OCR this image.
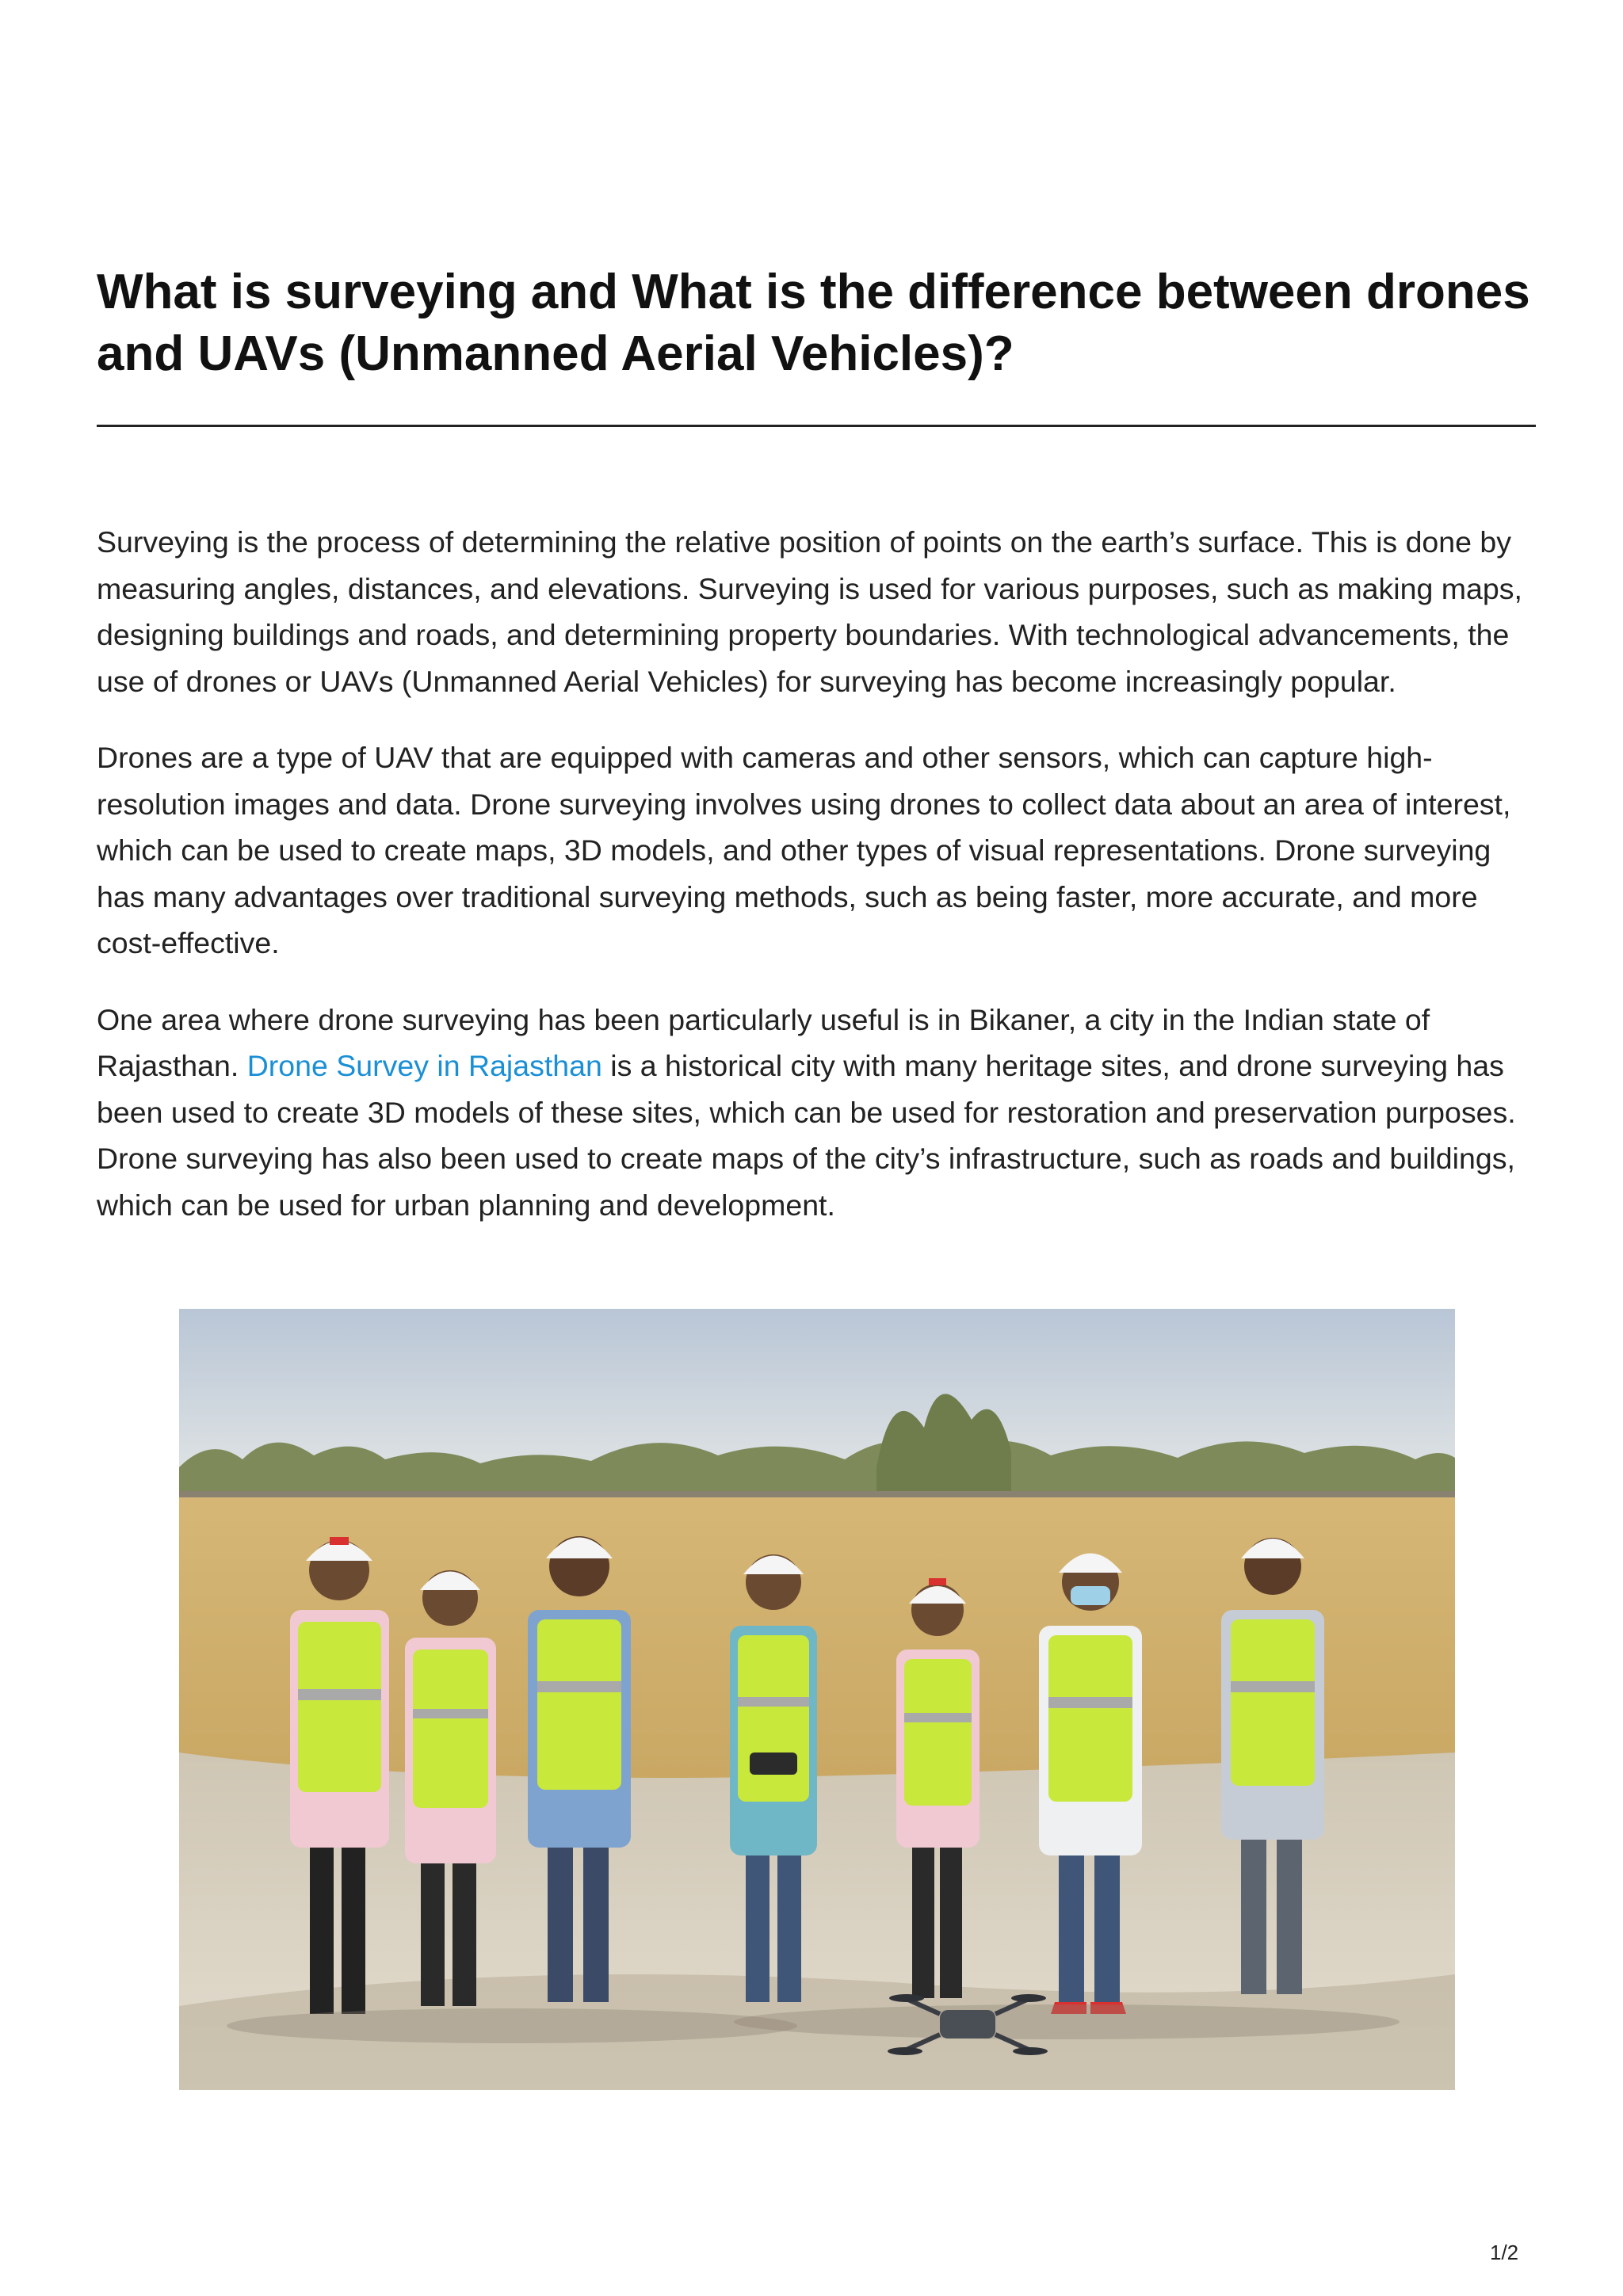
What is surveying and What is the difference between drones and UAVs (Unmanned Aerial Vehicles)?

Surveying is the process of determining the relative position of points on the earth’s surface. This is done by measuring angles, distances, and elevations. Surveying is used for various purposes, such as making maps, designing buildings and roads, and determining property boundaries. With technological advancements, the use of drones or UAVs (Unmanned Aerial Vehicles) for surveying has become increasingly popular.

Drones are a type of UAV that are equipped with cameras and other sensors, which can capture high-resolution images and data. Drone surveying involves using drones to collect data about an area of interest, which can be used to create maps, 3D models, and other types of visual representations. Drone surveying has many advantages over traditional surveying methods, such as being faster, more accurate, and more cost-effective.

One area where drone surveying has been particularly useful is in Bikaner, a city in the Indian state of Rajasthan. Drone Survey in Rajasthan is a historical city with many heritage sites, and drone surveying has been used to create 3D models of these sites, which can be used for restoration and preservation purposes. Drone surveying has also been used to create maps of the city’s infrastructure, such as roads and buildings, which can be used for urban planning and development.

1/2
